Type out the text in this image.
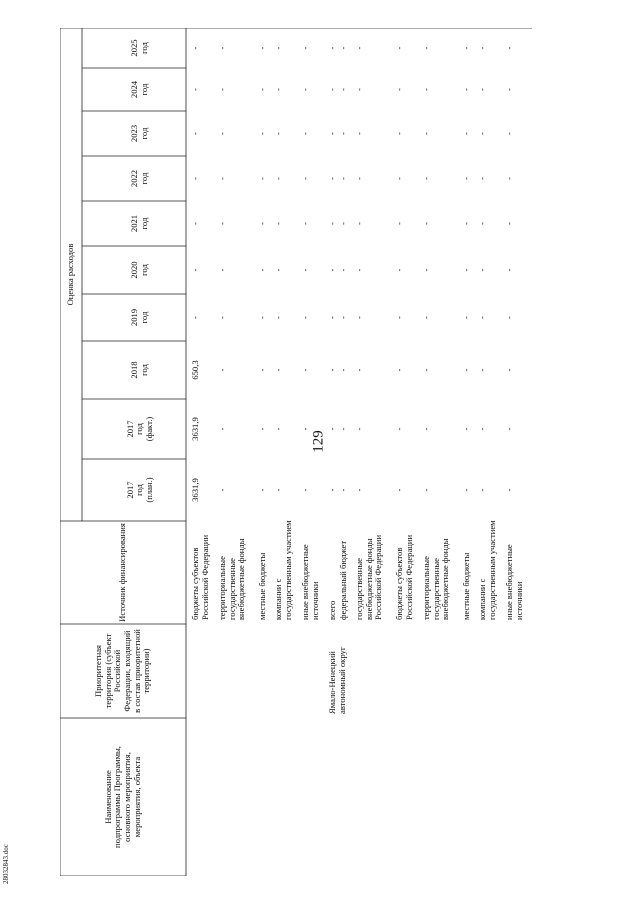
129
28032843.doc
Наименование подпрограммы Программы, основного мероприятия, мероприятия, объекта
Приоритетная территория (субъект Российской Федерации, входящий в состав приоритетной территории)
Источник финансирования
Оценка расходов
2017 год (план.)
2017 год (факт.)
2018 год
2019 год
2020 год
2021 год
2022 год
2023 год
2024 год
2025 год
Ямало-Ненецкий автономный округ
бюджеты субъектов Российской Федерации
3631,9
3631,9
650,3
-
-
-
-
-
-
-
территориальные государственные внебюджетные фонды
-
-
-
-
-
-
-
-
-
-
местные бюджеты
-
-
-
-
-
-
-
-
-
-
компании с государственным участием
-
-
-
-
-
-
-
-
-
-
иные внебюджетные источники
-
-
-
-
-
-
-
-
-
-
всего
-
-
-
-
-
-
-
-
-
-
федеральный бюджет
-
-
-
-
-
-
-
-
-
-
государственные внебюджетные фонды Российской Федерации
-
-
-
-
-
-
-
-
-
-
бюджеты субъектов Российской Федерации
-
-
-
-
-
-
-
-
-
-
территориальные государственные внебюджетные фонды
-
-
-
-
-
-
-
-
-
-
местные бюджеты
-
-
-
-
-
-
-
-
-
-
компании с государственным участием
-
-
-
-
-
-
-
-
-
-
иные внебюджетные источники
-
-
-
-
-
-
-
-
-
-
